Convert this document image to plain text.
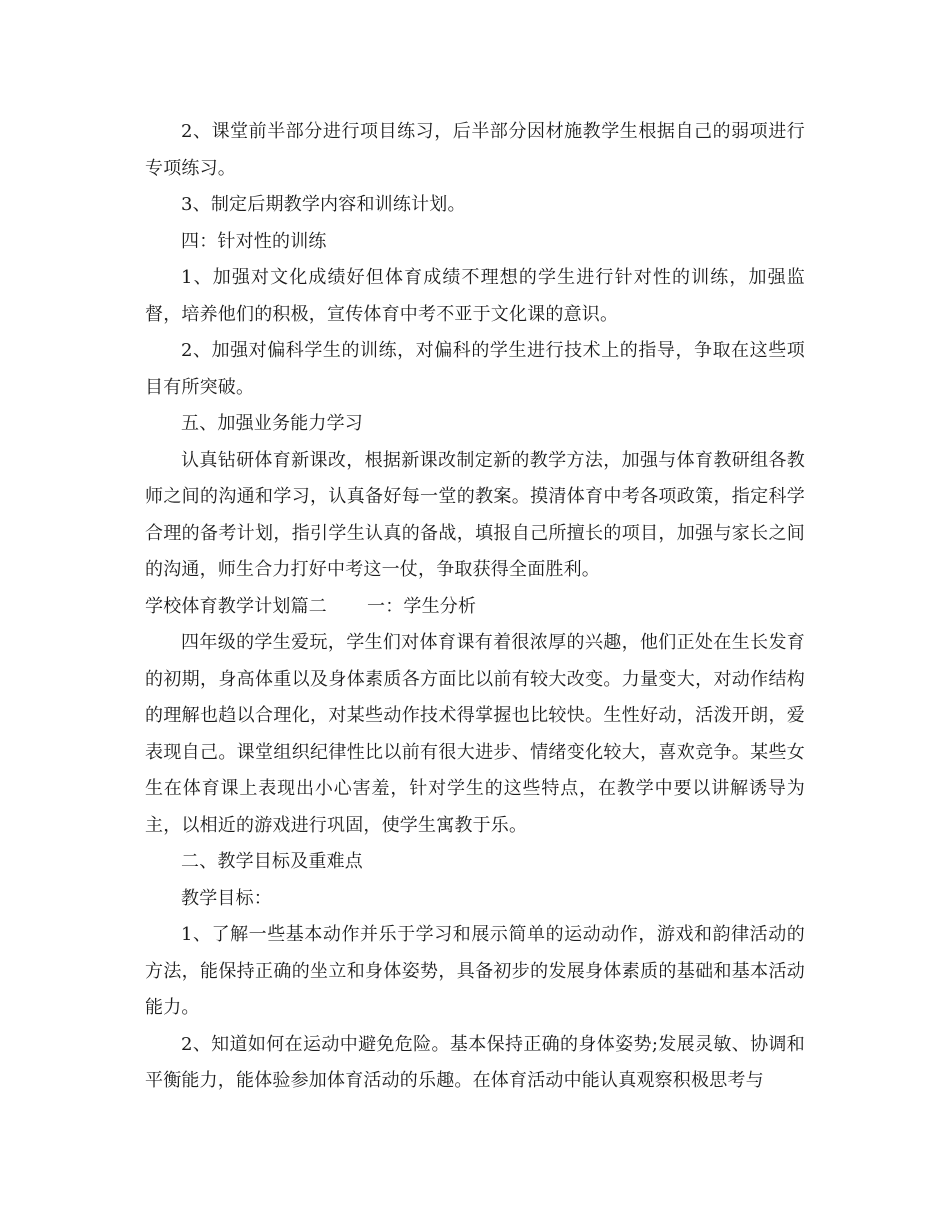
2、课堂前半部分进行项目练习，后半部分因材施教学生根据自己的弱项进行专项练习。

3、制定后期教学内容和训练计划。

四：针对性的训练

1、加强对文化成绩好但体育成绩不理想的学生进行针对性的训练，加强监督，培养他们的积极，宣传体育中考不亚于文化课的意识。

2、加强对偏科学生的训练，对偏科的学生进行技术上的指导，争取在这些项目有所突破。

五、加强业务能力学习

认真钻研体育新课改，根据新课改制定新的教学方法，加强与体育教研组各教师之间的沟通和学习，认真备好每一堂的教案。摸清体育中考各项政策，指定科学合理的备考计划，指引学生认真的备战，填报自己所擅长的项目，加强与家长之间的沟通，师生合力打好中考这一仗，争取获得全面胜利。

学校体育教学计划篇二 一：学生分析

四年级的学生爱玩，学生们对体育课有着很浓厚的兴趣，他们正处在生长发育的初期，身高体重以及身体素质各方面比以前有较大改变。力量变大，对动作结构的理解也趋以合理化，对某些动作技术得掌握也比较快。生性好动，活泼开朗，爱表现自己。课堂组织纪律性比以前有很大进步、情绪变化较大，喜欢竞争。某些女生在体育课上表现出小心害羞，针对学生的这些特点，在教学中要以讲解诱导为主，以相近的游戏进行巩固，使学生寓教于乐。

二、教学目标及重难点

教学目标：

1、了解一些基本动作并乐于学习和展示简单的运动动作，游戏和韵律活动的方法，能保持正确的坐立和身体姿势，具备初步的发展身体素质的基础和基本活动能力。

2、知道如何在运动中避免危险。基本保持正确的身体姿势;发展灵敏、协调和平衡能力，能体验参加体育活动的乐趣。在体育活动中能认真观察积极思考与
